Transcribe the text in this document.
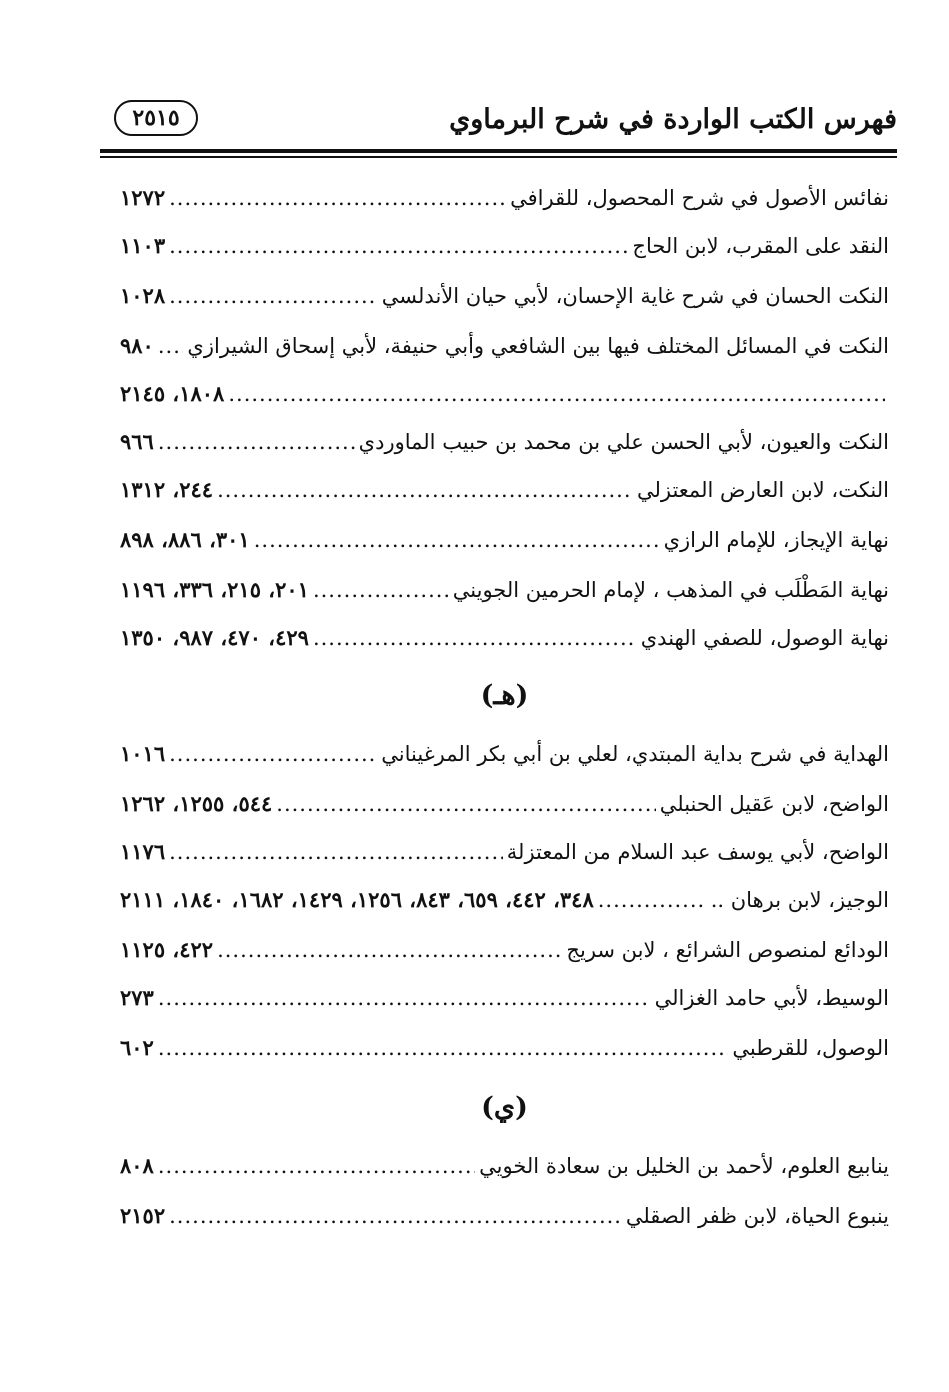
فهرس الكتب الواردة في شرح البرماوي
٢٥١٥
نفائس الأصول في شرح المحصول، للقرافي
.....
١٢٧٢
النقد على المقرب، لابن الحاج
.....
١١٠٣
النكت الحسان في شرح غاية الإحسان، لأبي حيان الأندلسي
.....
١٠٢٨
النكت في المسائل المختلف فيها بين الشافعي وأبي حنيفة، لأبي إسحاق الشيرازي
.....
٩٨٠
.....
١٨٠٨، ٢١٤٥
النكت والعيون، لأبي الحسن علي بن محمد بن حبيب الماوردي
.....
٩٦٦
النكت، لابن العارض المعتزلي
.....
٢٤٤، ١٣١٢
نهاية الإيجاز، للإمام الرازي
.....
٣٠١، ٨٨٦، ٨٩٨
نهاية المَطْلَب في المذهب ، لإمام الحرمين الجويني
.....
٢٠١، ٢١٥، ٣٣٦، ١١٩٦
نهاية الوصول، للصفي الهندي
.....
٤٢٩، ٤٧٠، ٩٨٧، ١٣٥٠
(هـ)
الهداية في شرح بداية المبتدي، لعلي بن أبي بكر المرغيناني
.....
١٠١٦
الواضح، لابن عَقيل الحنبلي
.....
٥٤٤، ١٢٥٥، ١٢٦٢
الواضح، لأبي يوسف عبد السلام من المعتزلة
.....
١١٧٦
الوجيز، لابن برهان ..
.....
٣٤٨، ٤٤٢، ٦٥٩، ٨٤٣، ١٢٥٦، ١٤٢٩، ١٦٨٢، ١٨٤٠، ٢١١١
الودائع لمنصوص الشرائع ، لابن سريج
.....
٤٢٢، ١١٢٥
الوسيط، لأبي حامد الغزالي
.....
٢٧٣
الوصول، للقرطبي
.....
٦٠٢
(ي)
ينابيع العلوم، لأحمد بن الخليل بن سعادة الخويي
.....
٨٠٨
ينبوع الحياة، لابن ظفر الصقلي
.....
٢١٥٢
